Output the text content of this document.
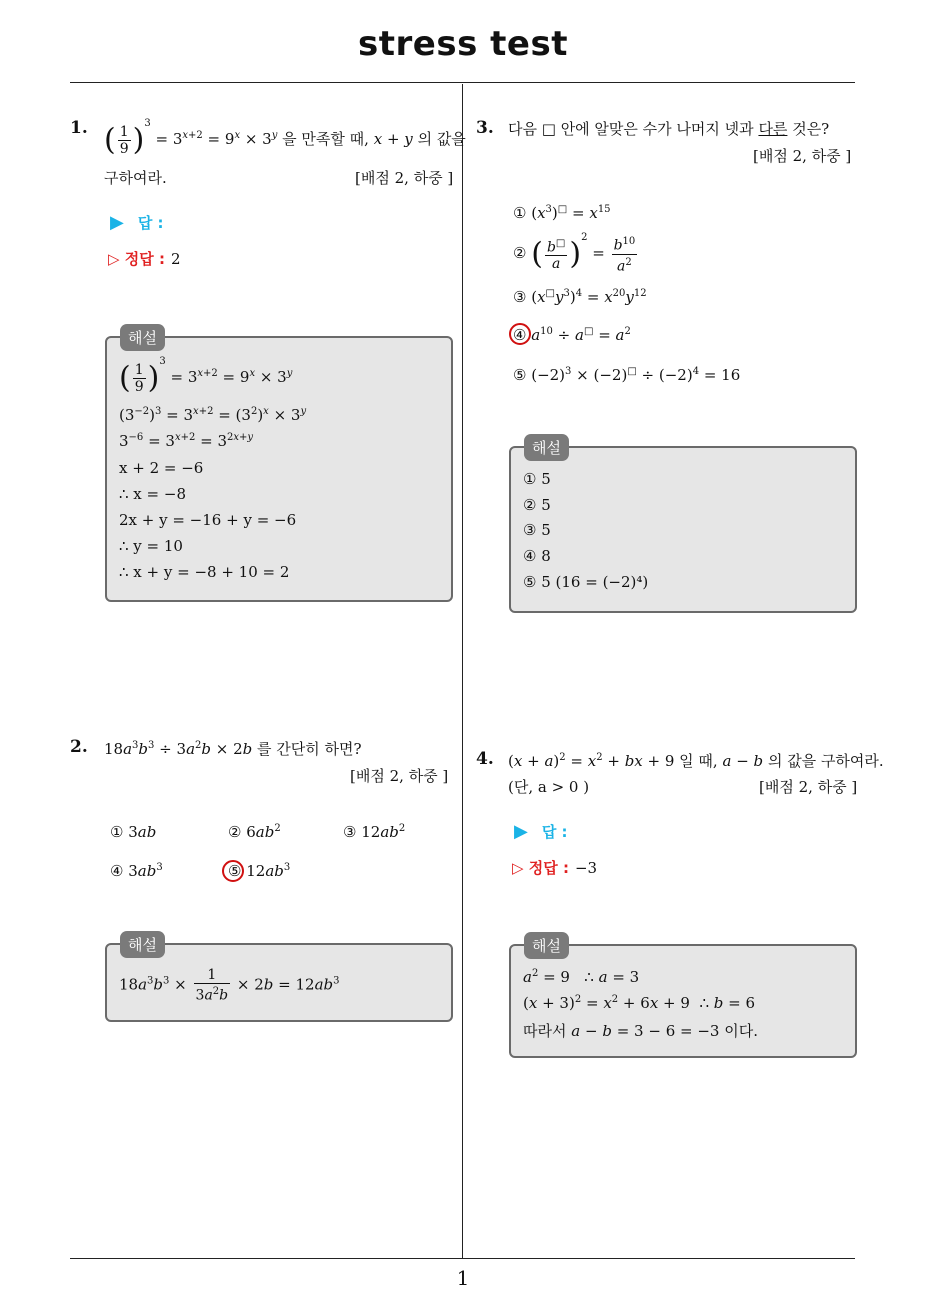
stress test
1
1. ( $\frac{1}{9} )^3 = 3^{x+2} = 9^x \times 3^y$ 을 만족할 때, x + y 의 값을
구하여라.	[배점 2, 하중 ]
▶ 답 :
▷ 정답 : 2
( $\frac{1}{9} )^3 = 3^{x+2} = 9^x \times 3^y$
$(3^{-2})^3 = 3^{x+2} = (3^2)^x \times 3^y$
$3^{-6} = 3^{x+2} = 3^{2x+y}$
x + 2 = −6
∴ x = −8
2x + y = −16 + y = −6
∴ y = 10
∴ x + y = −8 + 10 = 2
해설
2. $18a^3b^3 \div 3a^2b \times 2b$ 를 간단히 하면?
[배점 2, 하중 ]
① 3ab	② $6ab^2$	③ $12ab^2$
④ $3ab^3$	⑤ $12ab^3$
$18a^3b^3 \times \frac{1}{3a^2b} \times 2b = 12ab^3$
해설
3. 다음 □ 안에 알맞은 수가 나머지 넷과 다른 것은?
[배점 2, 하중 ]
① $(x^3)^□ = x^{15}$
② ( $\frac{b^□}{a} )^2 = \frac{b^{10}}{a^2}$
③ $(x^□y^3)^4 = x^{20}y^{12}$
④ $a^{10} \div a^□ = a^2$
⑤ $(-2)^3 \times (-2)^□ \div (-2)^4 = 16$
① 5
② 5
③ 5
④ 8
⑤ 5 (16 = (−2)⁴)
해설
4. $(x + a)^2 = x^2$ + bx + 9 일 때, a − b 의 값을 구하여라.
(단, a > 0 )	[배점 2, 하중 ]
▶ 답 :
▷ 정답 : −3
$a^2 = 9$   ∴ a = 3
$(x + 3)^2 = x^2 + 6x + 9$  ∴ b = 6
따라서 a − b = 3 − 6 = −3 이다.
해설
